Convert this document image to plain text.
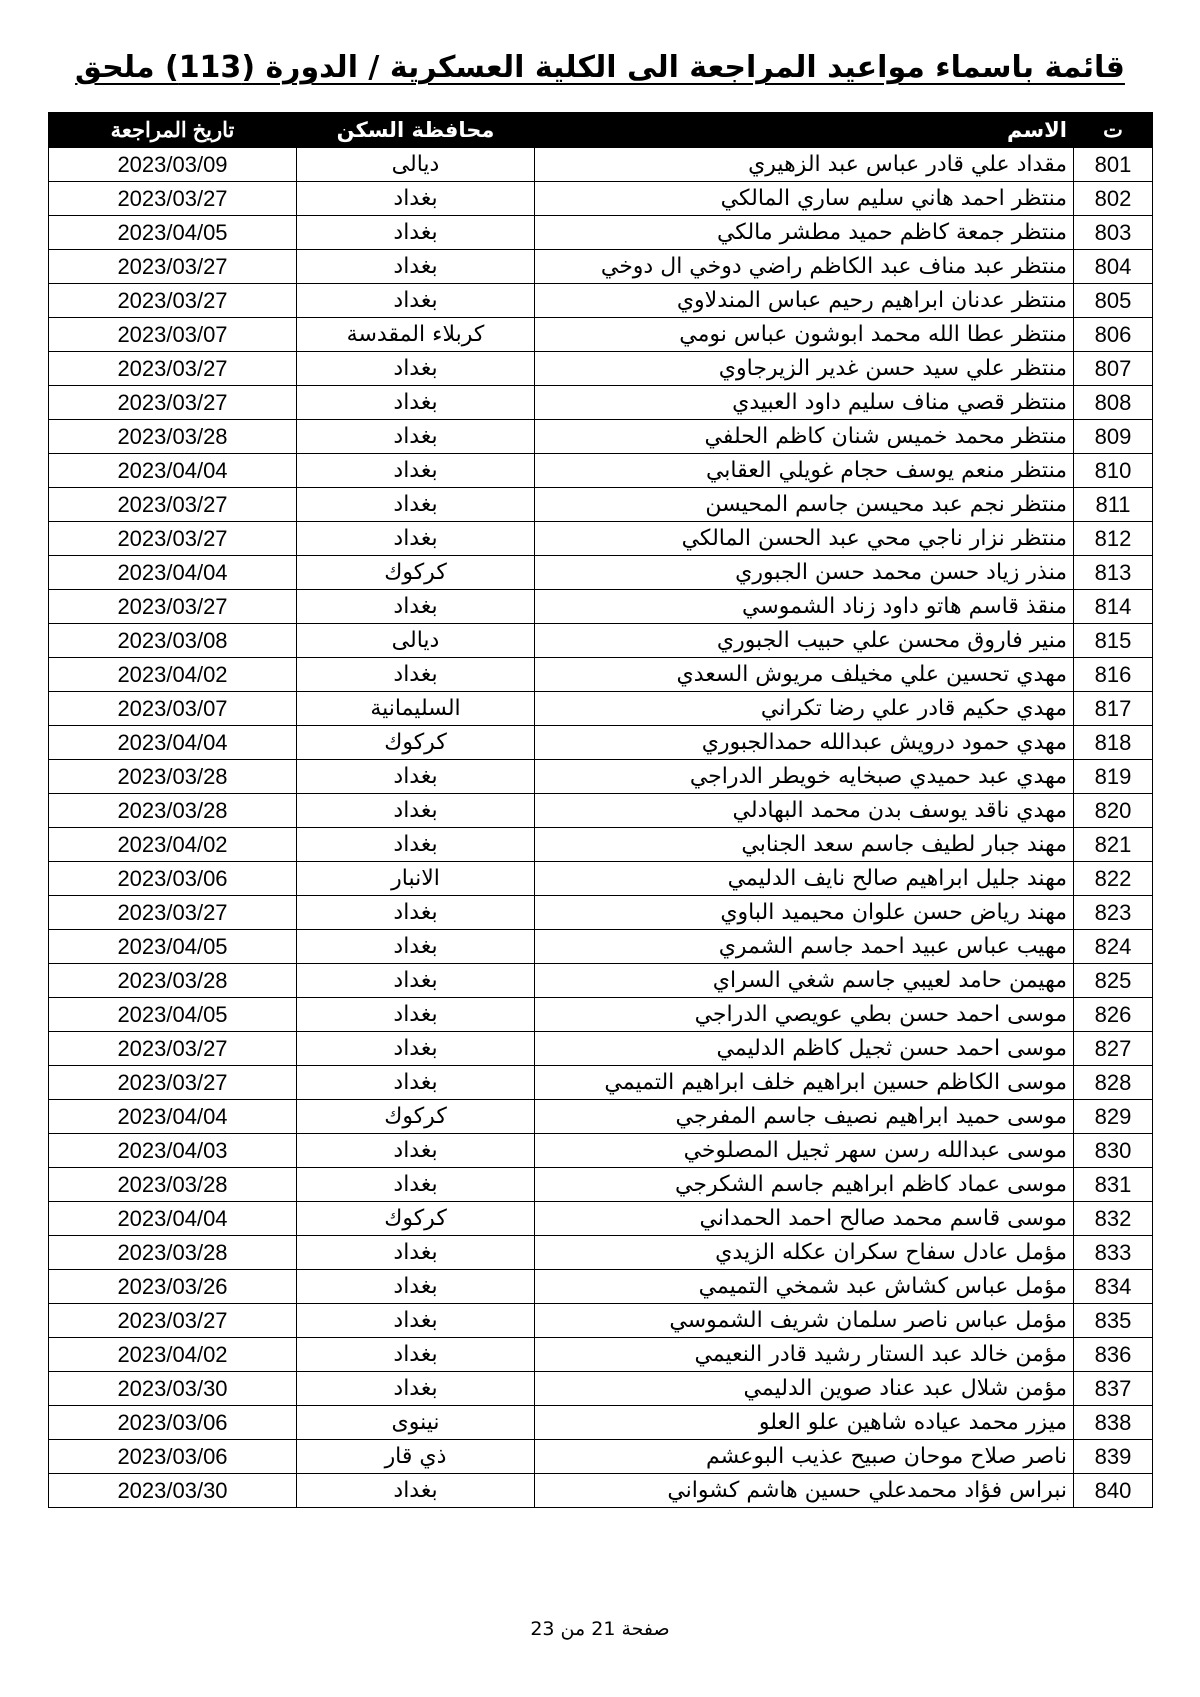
قائمة باسماء مواعيد المراجعة الى الكلية العسكرية / الدورة (113) ملحق
ت	الاسم	محافظة السكن	تاريخ المراجعة
801	مقداد علي قادر عباس عبد الزهيري	ديالى	2023/03/09
802	منتظر احمد هاني سليم ساري المالكي	بغداد	2023/03/27
803	منتظر جمعة كاظم حميد مطشر مالكي	بغداد	2023/04/05
804	منتظر عبد مناف عبد الكاظم راضي دوخي ال دوخي	بغداد	2023/03/27
805	منتظر عدنان ابراهيم رحيم عباس المندلاوي	بغداد	2023/03/27
806	منتظر عطا الله محمد ابوشون عباس نومي	كربلاء المقدسة	2023/03/07
807	منتظر علي سيد حسن غدير الزيرجاوي	بغداد	2023/03/27
808	منتظر قصي مناف سليم داود العبيدي	بغداد	2023/03/27
809	منتظر محمد خميس شنان كاظم الحلفي	بغداد	2023/03/28
810	منتظر منعم يوسف حجام غويلي العقابي	بغداد	2023/04/04
811	منتظر نجم عبد محيسن جاسم المحيسن	بغداد	2023/03/27
812	منتظر نزار ناجي محي عبد الحسن المالكي	بغداد	2023/03/27
813	منذر زياد حسن محمد حسن الجبوري	كركوك	2023/04/04
814	منقذ قاسم هاتو داود زناد الشموسي	بغداد	2023/03/27
815	منير فاروق محسن علي حبيب الجبوري	ديالى	2023/03/08
816	مهدي تحسين علي مخيلف مريوش السعدي	بغداد	2023/04/02
817	مهدي حكيم قادر علي رضا تكراني	السليمانية	2023/03/07
818	مهدي حمود درويش عبدالله حمدالجبوري	كركوك	2023/04/04
819	مهدي عبد حميدي صبخايه خويطر الدراجي	بغداد	2023/03/28
820	مهدي ناقد يوسف بدن محمد البهادلي	بغداد	2023/03/28
821	مهند جبار لطيف جاسم سعد الجنابي	بغداد	2023/04/02
822	مهند جليل ابراهيم صالح نايف الدليمي	الانبار	2023/03/06
823	مهند رياض حسن علوان محيميد الباوي	بغداد	2023/03/27
824	مهيب عباس عبيد احمد جاسم الشمري	بغداد	2023/04/05
825	مهيمن حامد لعيبي جاسم شغي السراي	بغداد	2023/03/28
826	موسى احمد حسن بطي عويصي الدراجي	بغداد	2023/04/05
827	موسى احمد حسن ثجيل كاظم الدليمي	بغداد	2023/03/27
828	موسى الكاظم حسين ابراهيم خلف ابراهيم التميمي	بغداد	2023/03/27
829	موسى حميد ابراهيم نصيف جاسم المفرجي	كركوك	2023/04/04
830	موسى عبدالله رسن سهر ثجيل المصلوخي	بغداد	2023/04/03
831	موسى عماد كاظم ابراهيم جاسم الشكرجي	بغداد	2023/03/28
832	موسى قاسم محمد صالح احمد الحمداني	كركوك	2023/04/04
833	مؤمل عادل سفاح سكران عكله الزيدي	بغداد	2023/03/28
834	مؤمل عباس كشاش عبد شمخي التميمي	بغداد	2023/03/26
835	مؤمل عباس ناصر سلمان شريف الشموسي	بغداد	2023/03/27
836	مؤمن خالد عبد الستار رشيد قادر النعيمي	بغداد	2023/04/02
837	مؤمن شلال عبد عناد صوين الدليمي	بغداد	2023/03/30
838	ميزر محمد عياده شاهين علو العلو	نينوى	2023/03/06
839	ناصر صلاح موحان صبيح عذيب البوعشم	ذي قار	2023/03/06
840	نبراس فؤاد محمدعلي حسين هاشم كشواني	بغداد	2023/03/30
صفحة 21 من 23
